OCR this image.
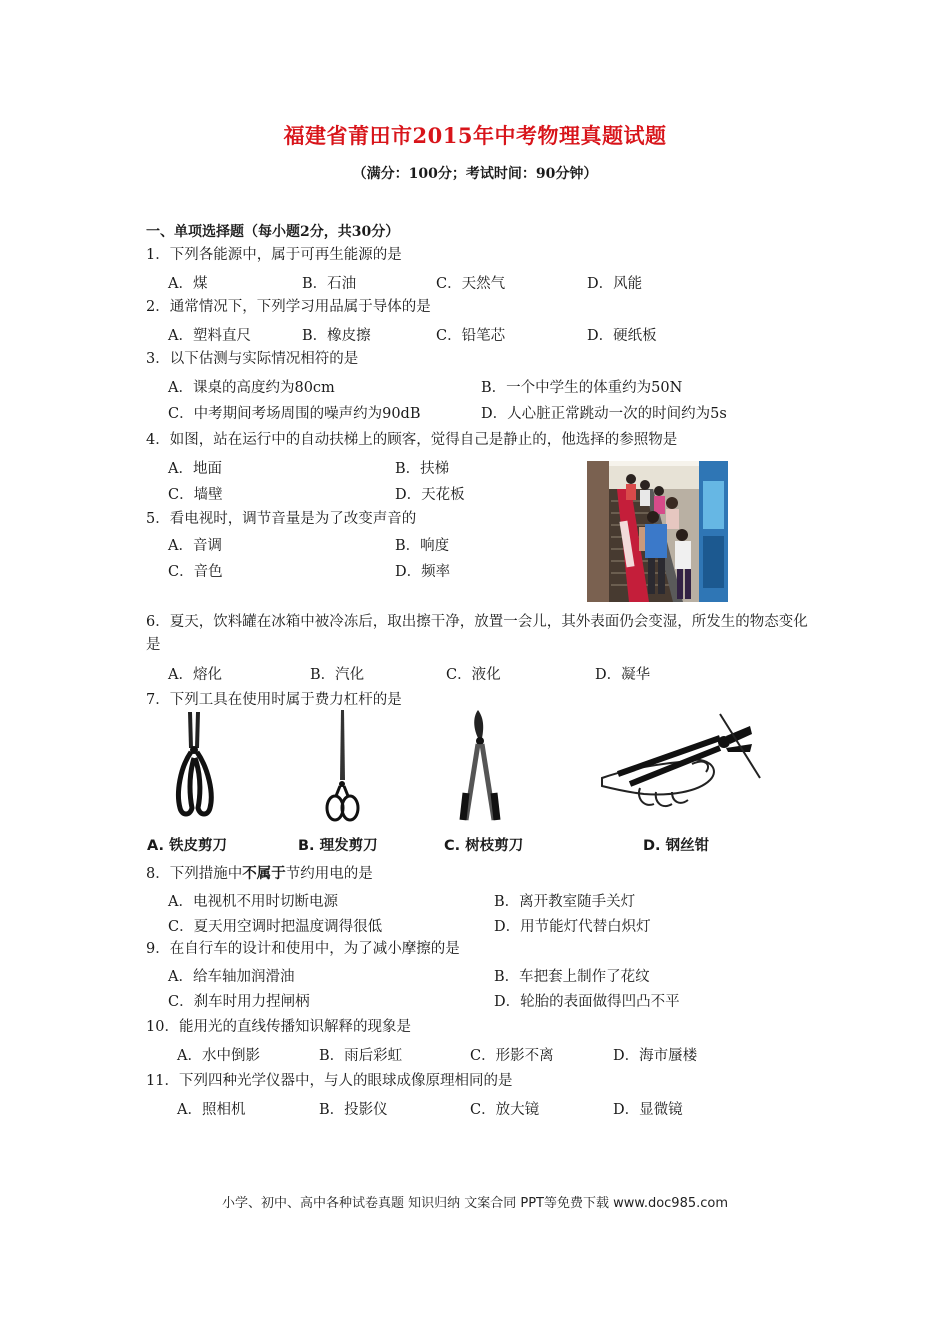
福建省莆田市2015年中考物理真题试题
（满分：100分；考试时间：90分钟）
一、单项选择题（每小题2分，共30分）
1．下列各能源中，属于可再生能源的是
A．煤	B．石油	C．天然气	D．风能
2．通常情况下，下列学习用品属于导体的是
A．塑料直尺	B．橡皮擦	C．铅笔芯	D．硬纸板
3．以下估测与实际情况相符的是
A．课桌的高度约为80cm	B．一个中学生的体重约为50N
C．中考期间考场周围的噪声约为90dB	D．人心脏正常跳动一次的时间约为5s
4．如图，站在运行中的自动扶梯上的顾客，觉得自己是静止的，他选择的参照物是
A．地面	B．扶梯
C．墙壁	D．天花板
5．看电视时，调节音量是为了改变声音的
A．音调	B．响度
C．音色	D．频率
6．夏天，饮料罐在冰箱中被冷冻后，取出擦干净，放置一会儿，其外表面仍会变湿，所发生的物态变化是
A．熔化	B．汽化	C．液化	D．凝华
7．下列工具在使用时属于费力杠杆的是
A. 铁皮剪刀	B. 理发剪刀	C. 树枝剪刀	D. 钢丝钳
8．下列措施中不属于节约用电的是
A．电视机不用时切断电源	B．离开教室随手关灯
C．夏天用空调时把温度调得很低	D．用节能灯代替白炽灯
9．在自行车的设计和使用中，为了减小摩擦的是
A．给车轴加润滑油	B．车把套上制作了花纹
C．刹车时用力捏闸柄	D．轮胎的表面做得凹凸不平
10．能用光的直线传播知识解释的现象是
A．水中倒影	B．雨后彩虹	C．形影不离	D．海市蜃楼
11．下列四种光学仪器中，与人的眼球成像原理相同的是
A．照相机	B．投影仪	C．放大镜	D．显微镜
小学、初中、高中各种试卷真题 知识归纳 文案合同 PPT等免费下载 www.doc985.com
